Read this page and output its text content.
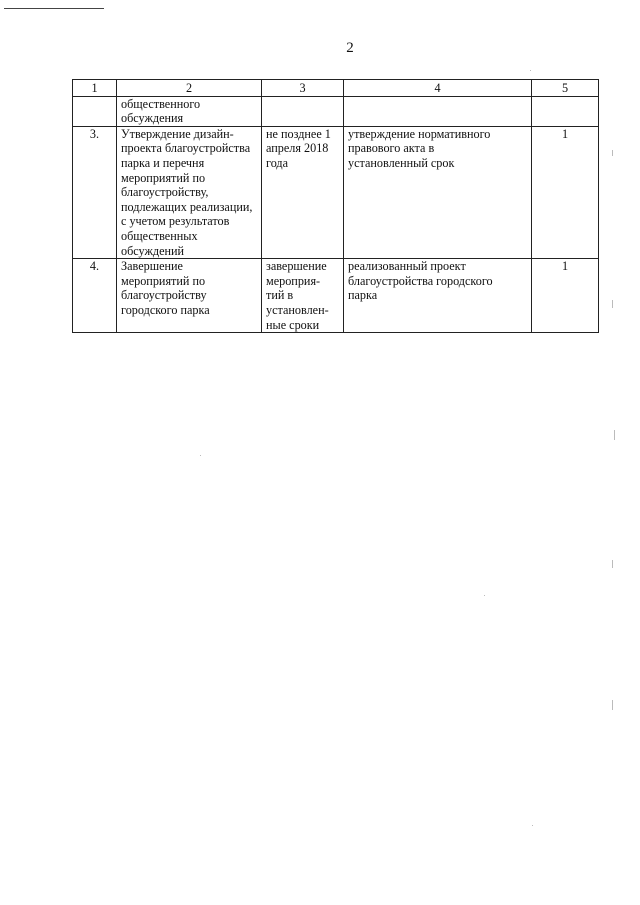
2
1	2	3	4	5

	общественного обсуждения			

3.	Утверждение дизайн-проекта благоустройства парка и перечня мероприятий по благоустройству, подлежащих реализации, с учетом результатов общественных обсуждений	не позднее 1 апреля 2018 года	утверждение нормативного правового акта в установленный срок	1
4.	Завершение мероприятий по благоустройству городского парка	завершение мероприя-тий в установлен-ные сроки	реализованный проект благоустройства городского парка	1
